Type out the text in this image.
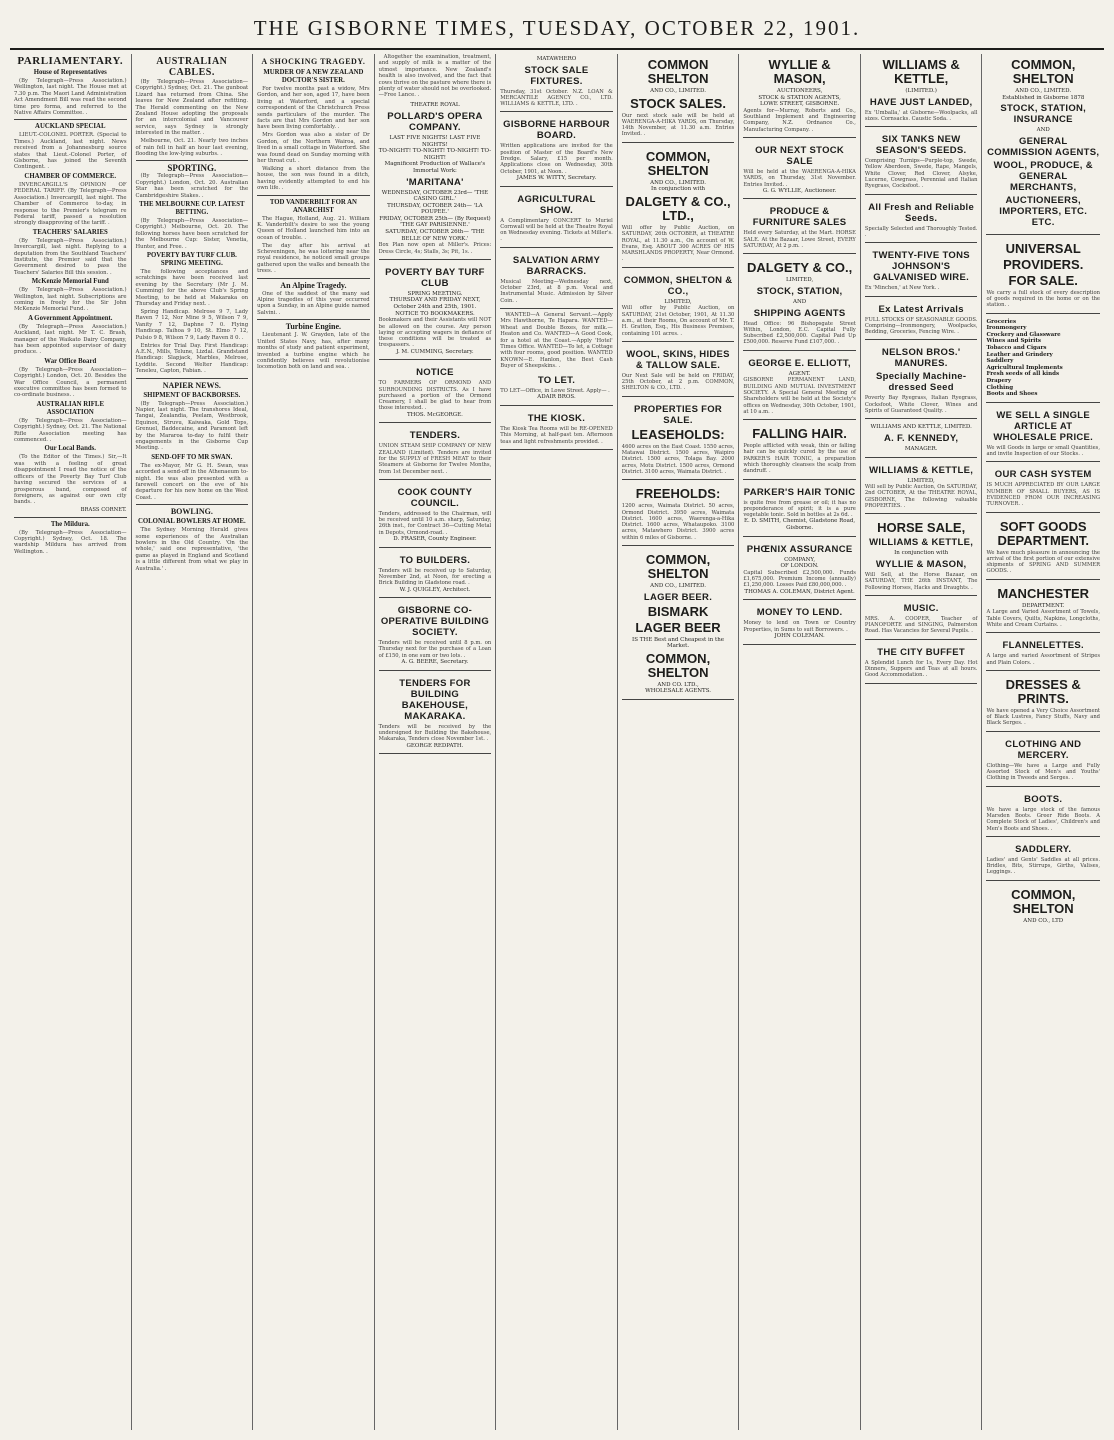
THE GISBORNE TIMES, TUESDAY, OCTOBER 22, 1901.
PARLIAMENTARY.
House of Representatives

(By Telegraph—Press Association.) Wellington, last night. The House met at 7.30 p.m. The Maori Land Administration Act Amendment Bill was read the second time pro forma, and referred to the Native Affairs Committee. .

AUCKLAND SPECIAL

LIEUT.-COLONEL PORTER. (Special to Times.) Auckland, last night. News received from a Johannesburg source states that Lieut.-Colonel Porter, of Gisborne, has joined the Seventh Contingent. .

CHAMBER OF COMMERCE.

INVERCARGILL'S OPINION OF FEDERAL TARIFF. (By Telegraph—Press Association.) Invercargill, last night. The Chamber of Commerce to-day, in response to the Premier's telegram re Federal tariff, passed a resolution strongly disapproving of the tariff. .

TEACHERS' SALARIES

(By Telegraph—Press Association.) Invercargill, last night. Replying to a deputation from the Southland Teachers' Institute, the Premier said that the Government desired to pass the Teachers' Salaries Bill this session. .

McKenzie Memorial Fund

(By Telegraph—Press Association.) Wellington, last night. Subscriptions are coming in freely for the Sir John McKenzie Memorial Fund. .

A Government Appointment.

(By Telegraph—Press Association.) Auckland, last night. Mr T. C. Brash, manager of the Waikato Dairy Company, has been appointed supervisor of dairy produce. .

War Office Board

(By Telegraph—Press Association—Copyright.) London, Oct. 20. Besides the War Office Council, a permanent executive committee has been formed to co-ordinate business. .

AUSTRALIAN RIFLE ASSOCIATION

(By Telegraph—Press Association—Copyright.) Sydney, Oct. 21. The National Rifle Association meeting has commenced. .

Our Local Bands.

(To the Editor of the Times.) Sir,—It was with a feeling of great disappointment I read the notice of the officers of the Poverty Bay Turf Club having secured the services of a prosperous band, composed of foreigners, as against our own city bands. .

BRASS CORNET.

The Mildura.

(By Telegraph—Press Association—Copyright.) Sydney, Oct. 18. The wardship Mildura has arrived from Wellington. .

AUSTRALIAN CABLES.

(By Telegraph—Press Association—Copyright.) Sydney, Oct. 21. The gunboat Lizard has returned from China. She leaves for New Zealand after refitting. The Herald commenting on the New Zealand House adopting the proposals for an intercolonial and Vancouver service, says Sydney is strongly interested in the matter. .

Melbourne, Oct. 21. Nearly two inches of rain fell in half an hour last evening, flooding the low-lying suburbs. .

SPORTING.

(By Telegraph—Press Association—Copyright.) London, Oct. 20. Australian Star has been scratched for the Cambridgeshire Stakes. .

THE MELBOURNE CUP. LATEST BETTING.

(By Telegraph—Press Association—Copyright.) Melbourne, Oct. 20. The following horses have been scratched for the Melbourne Cup: Sister, Venetia, Hunter, and Free. .

POVERTY BAY TURF CLUB. SPRING MEETING.

The following acceptances and scratchings have been received last evening by the Secretary (Mr J. M. Cumming) for the above Club's Spring Meeting, to be held at Makaraka on Thursday and Friday next. .

Spring Handicap. Melrose 9 7, Lady Raven 7 12, Nor Mine 9 5, Wilson 7 9, Vanity 7 12, Daphne 7 0. Flying Handicap. Taihoa 9 10, St. Elmo 7 12, Pulsio 9 8, Wilson 7 9, Lady Raven 8 0. .

Entries for Trial Day. First Handicap: A.E.N., Mills, Telune, Lizdal. Grandstand Handicap: Slapjack, Marbles, Melrose, Lyddite. Second Welter Handicap: Teneleu, Capton, Fabian. .

NAPIER NEWS.
SHIPMENT OF BACKBORSES.

(By Telegraph—Press Association.) Napier, last night. The transhores Ideal, Tangai, Zealandia, Peelam, Westbrook, Equinox, Struvu, Kaiwaka, Gold Tops, Grenuel, Baddecaine, and Paramont left by the Mararoa to-day to fulfil their engagements in the Gisborne Cup Meeting. .

SEND-OFF TO MR SWAN.

The ex-Mayor, Mr G. H. Swan, was accorded a send-off in the Athenaeum to-night. He was also presented with a farewell concert on the eve of his departure for his new home on the West Coast. .

BOWLING.
COLONIAL BOWLERS AT HOME.

The Sydney Morning Herald gives some experiences of the Australian bowlers in the Old Country. 'On the whole,' said one representative, 'the game as played in England and Scotland is a little different from what we play in Australia.' .

A SHOCKING TRAGEDY.
MURDER OF A NEW ZEALAND DOCTOR'S SISTER.

For twelve months past a widow, Mrs Gordon, and her son, aged 17, have been living at Waterford, and a special correspondent of the Christchurch Press sends particulars of the murder. The facts are that Mrs Gordon and her son have been living comfortably. .

Mrs Gordon was also a sister of Dr Gordon, of the Northern Wairoa, and lived in a small cottage in Waterford. She was found dead on Sunday morning with her throat cut. .

Walking a short distance from the house, the son was found in a ditch, having evidently attempted to end his own life. .

TOD VANDERBILT FOR AN ANARCHIST

The Hague, Holland, Aug. 21. William K. Vanderbilt's desire to see the young Queen of Holland launched him into an ocean of trouble. .

The day after his arrival at Scheveningen, he was loitering near the royal residence, he noticed small groups gathered upon the walks and beneath the trees. .

An Alpine Tragedy.

One of the saddest of the many sad Alpine tragedies of this year occurred upon a Sunday, in an Alpine guide named Salvini. .

Turbine Engine.

Lieutenant J. W. Grayden, late of the United States Navy, has, after many months of study and patient experiment, invented a turbine engine which he confidently believes will revolutionise locomotion both on land and sea. .

Altogether the examination, treatment, and supply of milk is a matter of the utmost importance. New Zealand's health is also involved, and the fact that cows thrive on the pasture where there is plenty of water should not be overlooked.—Free Lance. .

THEATRE ROYAL
POLLARD'S OPERA COMPANY.
LAST FIVE NIGHTS! LAST FIVE NIGHTS!
TO-NIGHT! TO-NIGHT! TO-NIGHT! TO-NIGHT!
Magnificent Production of Wallace's Immortal Work:
'MARITANA'
WEDNESDAY, OCTOBER 23rd— 'THE CASINO GIRL.'
THURSDAY, OCTOBER 24th— 'LA POUPEE.'
FRIDAY, OCTOBER 25th— (By Request) 'THE GAY PARISIENNE.'
SATURDAY, OCTOBER 26th— 'THE BELLE OF NEW YORK.'
Box Plan now open at Miller's. Prices: Dress Circle, 4s; Stalls, 3s; Pit, 1s. .
POVERTY BAY TURF CLUB
SPRING MEETING.
THURSDAY AND FRIDAY NEXT, October 24th and 25th, 1901.
NOTICE TO BOOKMAKERS.
Bookmakers and their Assistants will NOT be allowed on the course. Any person laying or accepting wagers in defiance of these conditions will be treated as trespassers. .
J. M. CUMMING, Secretary.
NOTICE
TO FARMERS OF ORMOND AND SURROUNDING DISTRICTS. As I have purchased a portion of the Ormond Creamery, I shall be glad to hear from those interested. .
THOS. McGEORGE.
TENDERS.
UNION STEAM SHIP COMPANY OF NEW ZEALAND (Limited). Tenders are invited for the SUPPLY of FRESH MEAT to their Steamers at Gisborne for Twelve Months, from 1st December next. .
COOK COUNTY COUNCIL.
Tenders, addressed to the Chairman, will be received until 10 a.m. sharp, Saturday, 26th inst., for Contract 36—Cutting Metal in Depots, Ormond-road. .
D. FRASER, County Engineer.
TO BUILDERS.
Tenders will be received up to Saturday, November 2nd, at Noon, for erecting a Brick Building in Gladstone road. .
W. J. QUIGLEY, Architect.
GISBORNE CO-OPERATIVE BUILDING SOCIETY.
Tenders will be received until 8 p.m. on Thursday next for the purchase of a Loan of £150, in one sum or two lots. .
A. G. BEERE, Secretary.
TENDERS FOR BUILDING BAKEHOUSE, MAKARAKA.
Tenders will be received by the undersigned for Building the Bakehouse, Makaraka, Tenders close November 1st. .
GEORGE REDPATH.
MATAWHERO
STOCK SALE FIXTURES.
Thursday, 31st October. N.Z. LOAN & MERCANTILE AGENCY CO., LTD. WILLIAMS & KETTLE, LTD. .
GISBORNE HARBOUR BOARD.
Written applications are invited for the position of Master of the Board's New Dredge. Salary, £15 per month. Applications close on Wednesday, 30th October, 1901, at Noon. .
JAMES W. WITTY, Secretary.
AGRICULTURAL SHOW.
A Complimentary CONCERT to Muriel Cornwall will be held at the Theatre Royal on Wednesday evening. Tickets at Miller's. .
SALVATION ARMY BARRACKS.
Musical Meeting—Wednesday next, October 23rd, at 8 p.m. Vocal and Instrumental Music. Admission by Silver Coin. .

WANTED—A General Servant.—Apply Mrs Hawthorne, Te Hapara. WANTED—Wheat and Double Boxes, for milk.—Heaton and Co. WANTED—A Good Cook, for a hotel at the Coast.—Apply 'Hotel' Times Office. WANTED—To let, a Cottage with four rooms, good position. WANTED KNOWN—E. Hanlon, the Best Cash Buyer of Sheepskins. .

TO LET.
TO LET—Office, in Lowe Street. Apply— .
ADAIR BROS.
THE KIOSK.
The Kiosk Tea Rooms will be RE-OPENED This Morning, at half-past ten. Afternoon teas and light refreshments provided. .
COMMON SHELTON
AND CO., LIMITED.
STOCK SALES.
Our next stock sale will be held at WAERENGA-A-HIKA YARDS, on Thursday, 14th November, at 11.30 a.m. Entries Invited. .
COMMON, SHELTON
AND CO., LIMITED.
In conjunction with
DALGETY & CO., LTD.,
Will offer by Public Auction, on SATURDAY, 26th OCTOBER, at THEATRE ROYAL, at 11.30 a.m., On account of W. Evans, Esq. ABOUT 300 ACRES OF HIS MARSHLANDS PROPERTY, Near Ormond. .
COMMON, SHELTON & CO.,
LIMITED,
Will offer by Public Auction, on SATURDAY, 21st October, 1901, At 11.30 a.m., at their Rooms, On account of Mr. T. H. Gratton, Esq., His Business Premises, containing 101 acres. .
WOOL, SKINS, HIDES & TALLOW SALE.
Our Next Sale will be held on FRIDAY, 25th October, at 2 p.m. COMMON, SHELTON & CO., LTD. .
PROPERTIES FOR SALE.
LEASEHOLDS:
4600 acres on the East Coast. 1550 acres, Matawai District. 1500 acres, Waipiro District. 1500 acres, Tolaga Bay. 2000 acres, Motu District. 1500 acres, Ormond District. 3100 acres, Waimata District. .
FREEHOLDS:
1200 acres, Waimata District. 50 acres, Ormond District. 3950 acres, Waimata District. 1600 acres, Waerenga-a-Hika District. 1600 acres, Whataupoko. 3100 acres, Matawhero District. 3900 acres within 6 miles of Gisborne. .
COMMON, SHELTON
AND CO., LIMITED.
LAGER BEER.
BISMARK
LAGER BEER
IS THE Best and Cheapest in the Market.
COMMON, SHELTON
AND CO. LTD.,
WHOLESALE AGENTS.
WYLLIE & MASON,
AUCTIONEERS,
STOCK & STATION AGENTS,
LOWE STREET, GISBORNE.
Agents for—Murray, Roberts and Co., Southland Implement and Engineering Company, N.Z. Ordnance Co., Manufacturing Company. .
OUR NEXT STOCK SALE
Will be held at the WAERENGA-A-HIKA YARDS, on Thursday, 31st November. Entries Invited. .
G. G. WYLLIE, Auctioneer.
PRODUCE & FURNITURE SALES
Held every Saturday, at the Mart. HORSE SALE. At the Bazaar, Lowe Street, EVERY SATURDAY, At 2 p.m. .
DALGETY & CO.,
LIMITED,
STOCK, STATION,
AND
SHIPPING AGENTS
Head Office: 96 Bishopsgate Street Within, London, E.C. Capital Fully Subscribed £2,500,000. Capital Paid Up £500,000. Reserve Fund £107,000. .
GEORGE E. ELLIOTT,
AGENT.
GISBORNE PERMANENT LAND, BUILDING AND MUTUAL INVESTMENT SOCIETY. A Special General Meeting of Shareholders will be held at the Society's offices on Wednesday, 30th October, 1901, at 10 a.m. .
FALLING HAIR.
People afflicted with weak, thin or falling hair can be quickly cured by the use of PARKER'S HAIR TONIC, a preparation which thoroughly cleanses the scalp from dandruff. .
PARKER'S HAIR TONIC
is quite free from grease or oil; it has no preponderance of spirit; it is a pure vegetable tonic. Sold in bottles at 2s 6d. .
E. D. SMITH, Chemist, Gladstone Road, Gisborne.
PHŒNIX ASSURANCE
COMPANY,
OF LONDON.
Capital Subscribed £2,500,000. Funds £1,675,000. Premium Income (annually) £1,250,000. Losses Paid £80,000,000. .
THOMAS A. COLEMAN, District Agent.
MONEY TO LEND.
Money to lend on Town or Country Properties, in Sums to suit Borrowers. .
JOHN COLEMAN.
WILLIAMS & KETTLE,
(LIMITED.)
HAVE JUST LANDED,
Ex 'Umballa,' at Gisborne—Woolpacks, all sizes. Cornsacks. Caustic Soda. .
SIX TANKS NEW SEASON'S SEEDS.
Comprising Turnips—Purple-top, Swede, Yellow Aberdeen, Swede, Rape, Mangels, White Clover, Red Clover, Alsyke, Lucerne, Cowgrass, Perennial and Italian Ryegrass, Cocksfoot. .
All Fresh and Reliable Seeds.
Specially Selected and Thoroughly Tested. .
TWENTY-FIVE TONS JOHNSON'S GALVANISED WIRE.
Ex 'Minchen,' at New York. .
Ex Latest Arrivals
FULL STOCKS OF SEASONABLE GOODS. Comprising—Ironmongery, Woolpacks, Bedding, Groceries, Fencing Wire. .
NELSON BROS.' MANURES.
Specially Machine-dressed Seed
Poverty Bay Ryegrass, Italian Ryegrass, Cocksfoot, White Clover, Wines and Spirits of Guaranteed Quality. .
WILLIAMS AND KETTLE, LIMITED.
A. F. KENNEDY,
MANAGER.
WILLIAMS & KETTLE,
LIMITED,
Will sell by Public Auction, On SATURDAY, 2nd OCTOBER, At the THEATRE ROYAL, GISBORNE, The following valuable PROPERTIES. .
HORSE SALE,
WILLIAMS & KETTLE,
In conjunction with
WYLLIE & MASON,
Will Sell, at the Horse Bazaar, on SATURDAY, THE 26th INSTANT, The Following Horses, Hacks and Draughts. .
MUSIC.
MRS. A. COOPER, Teacher of PIANOFORTE and SINGING, Palmerston Road. Has Vacancies for Several Pupils. .
THE CITY BUFFET
A Splendid Lunch for 1s, Every Day. Hot Dinners, Suppers and Teas at all hours. Good Accommodation. .
COMMON, SHELTON
AND CO., LIMITED.
Established in Gisborne 1878
STOCK, STATION, INSURANCE
AND
GENERAL COMMISSION AGENTS,
WOOL, PRODUCE, & GENERAL MERCHANTS,
AUCTIONEERS, IMPORTERS, ETC. ETC.
UNIVERSAL
PROVIDERS.
FOR SALE.
We carry a full stock of every description of goods required in the home or on the station. .
Groceries
Ironmongery
Crockery and Glassware
Wines and Spirits
Tobacco and Cigars
Leather and Grindery
Saddlery
Agricultural Implements
Fresh seeds of all kinds
Drapery
Clothing
Boots and Shoes
WE SELL A SINGLE ARTICLE AT WHOLESALE PRICE.
We will Goods in large or small Quantities, and invite Inspection of our Stocks. .
OUR CASH SYSTEM
IS MUCH APPRECIATED BY OUR LARGE NUMBER OF SMALL BUYERS, AS IS EVIDENCED FROM OUR INCREASING TURNOVER. .
SOFT GOODS DEPARTMENT.
We have much pleasure in announcing the arrival of the first portion of our extensive shipments of SPRING AND SUMMER GOODS. .
MANCHESTER
DEPARTMENT.
A Large and Varied Assortment of Towels, Table Covers, Quilts, Napkins, Longcloths, White and Cream Curtains. .
FLANNELETTES.
A large and varied Assortment of Stripes and Plain Colors. .
DRESSES & PRINTS.
We have opened a Very Choice Assortment of Black Lustres, Fancy Stuffs, Navy and Black Serges. .
CLOTHING AND MERCERY.
Clothing—We have a Large and Fully Assorted Stock of Men's and Youths' Clothing in Tweeds and Serges. .
BOOTS.
We have a large stock of the famous Marsden Boots. Greer Ride Boots. A Complete Stock of Ladies', Children's and Men's Boots and Shoes. .
SADDLERY.
Ladies' and Gents' Saddles at all prices. Bridles, Bits, Stirrups, Girths, Valises, Leggings. .
COMMON, SHELTON
AND CO., LTD
